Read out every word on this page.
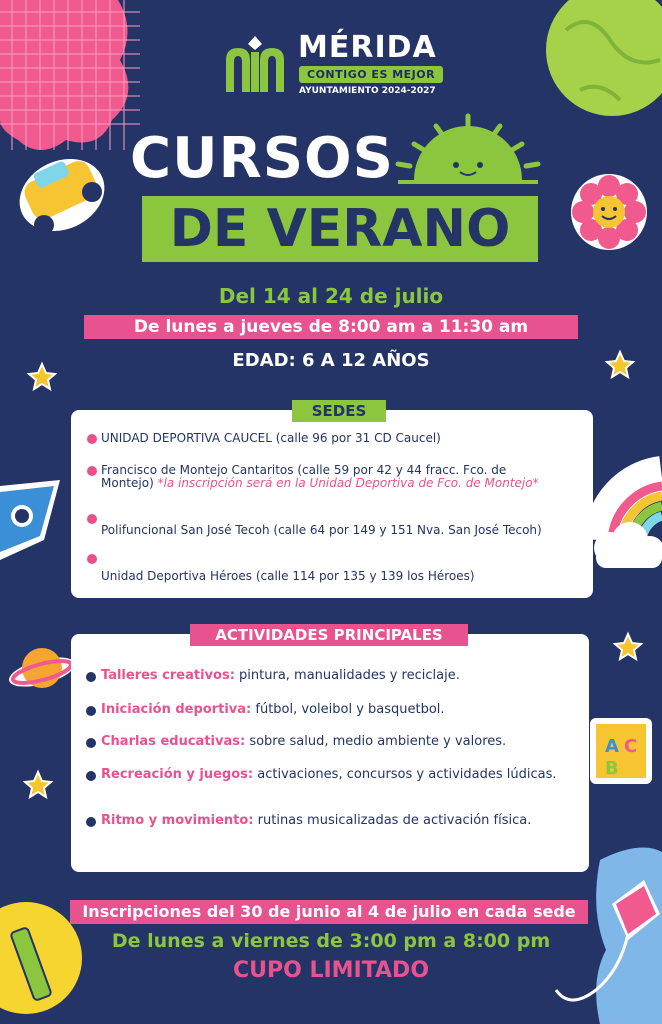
A C
B
MÉRIDA
CONTIGO ES MEJOR
AYUNTAMIENTO 2024-2027
CURSOS
DE VERANO
Del 14 al 24 de julio
De lunes a jueves de 8:00 am a 11:30 am
EDAD: 6 A 12 AÑOS
UNIDAD DEPORTIVA CAUCEL (calle 96 por 31 CD Caucel)
Francisco de Montejo Cantaritos (calle 59 por 42 y 44 fracc. Fco. de Montejo) *la inscripción será en la Unidad Deportiva de Fco. de Montejo*
Polifuncional San José Tecoh (calle 64 por 149 y 151 Nva. San José Tecoh)
Unidad Deportiva Héroes (calle 114 por 135 y 139 los Héroes)
SEDES
Talleres creativos: pintura, manualidades y reciclaje.
Iniciación deportiva: fútbol, voleibol y basquetbol.
Charlas educativas: sobre salud, medio ambiente y valores.
Recreación y juegos: activaciones, concursos y actividades lúdicas.
Ritmo y movimiento: rutinas musicalizadas de activación física.
ACTIVIDADES PRINCIPALES
Inscripciones del 30 de junio al 4 de julio en cada sede
De lunes a viernes de 3:00 pm a 8:00 pm
CUPO LIMITADO
